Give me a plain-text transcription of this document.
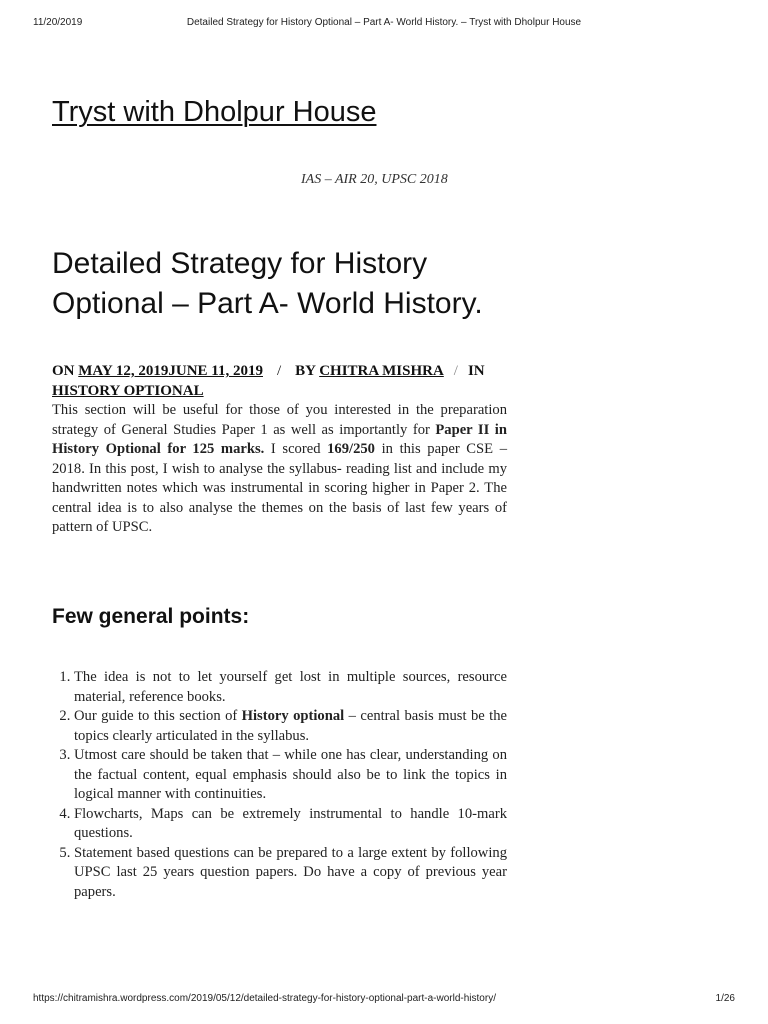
11/20/2019	Detailed Strategy for History Optional – Part A- World History. – Tryst with Dholpur House
Tryst with Dholpur House
IAS – AIR 20, UPSC 2018
Detailed Strategy for History Optional – Part A- World History.
ON MAY 12, 2019JUNE 11, 2019 / BY CHITRA MISHRA / IN HISTORY OPTIONAL

This section will be useful for those of you interested in the preparation strategy of General Studies Paper 1 as well as importantly for Paper II in History Optional for 125 marks. I scored 169/250 in this paper CSE – 2018. In this post, I wish to analyse the syllabus- reading list and include my handwritten notes which was instrumental in scoring higher in Paper 2. The central idea is to also analyse the themes on the basis of last few years of pattern of UPSC.

Few general points:
1. The idea is not to let yourself get lost in multiple sources, resource material, reference books.
2. Our guide to this section of History optional – central basis must be the topics clearly articulated in the syllabus.
3. Utmost care should be taken that – while one has clear, understanding on the factual content, equal emphasis should also be to link the topics in logical manner with continuities.
4. Flowcharts, Maps can be extremely instrumental to handle 10-mark questions.
5. Statement based questions can be prepared to a large extent by following UPSC last 25 years question papers. Do have a copy of previous year papers.
https://chitramishra.wordpress.com/2019/05/12/detailed-strategy-for-history-optional-part-a-world-history/	1/26
